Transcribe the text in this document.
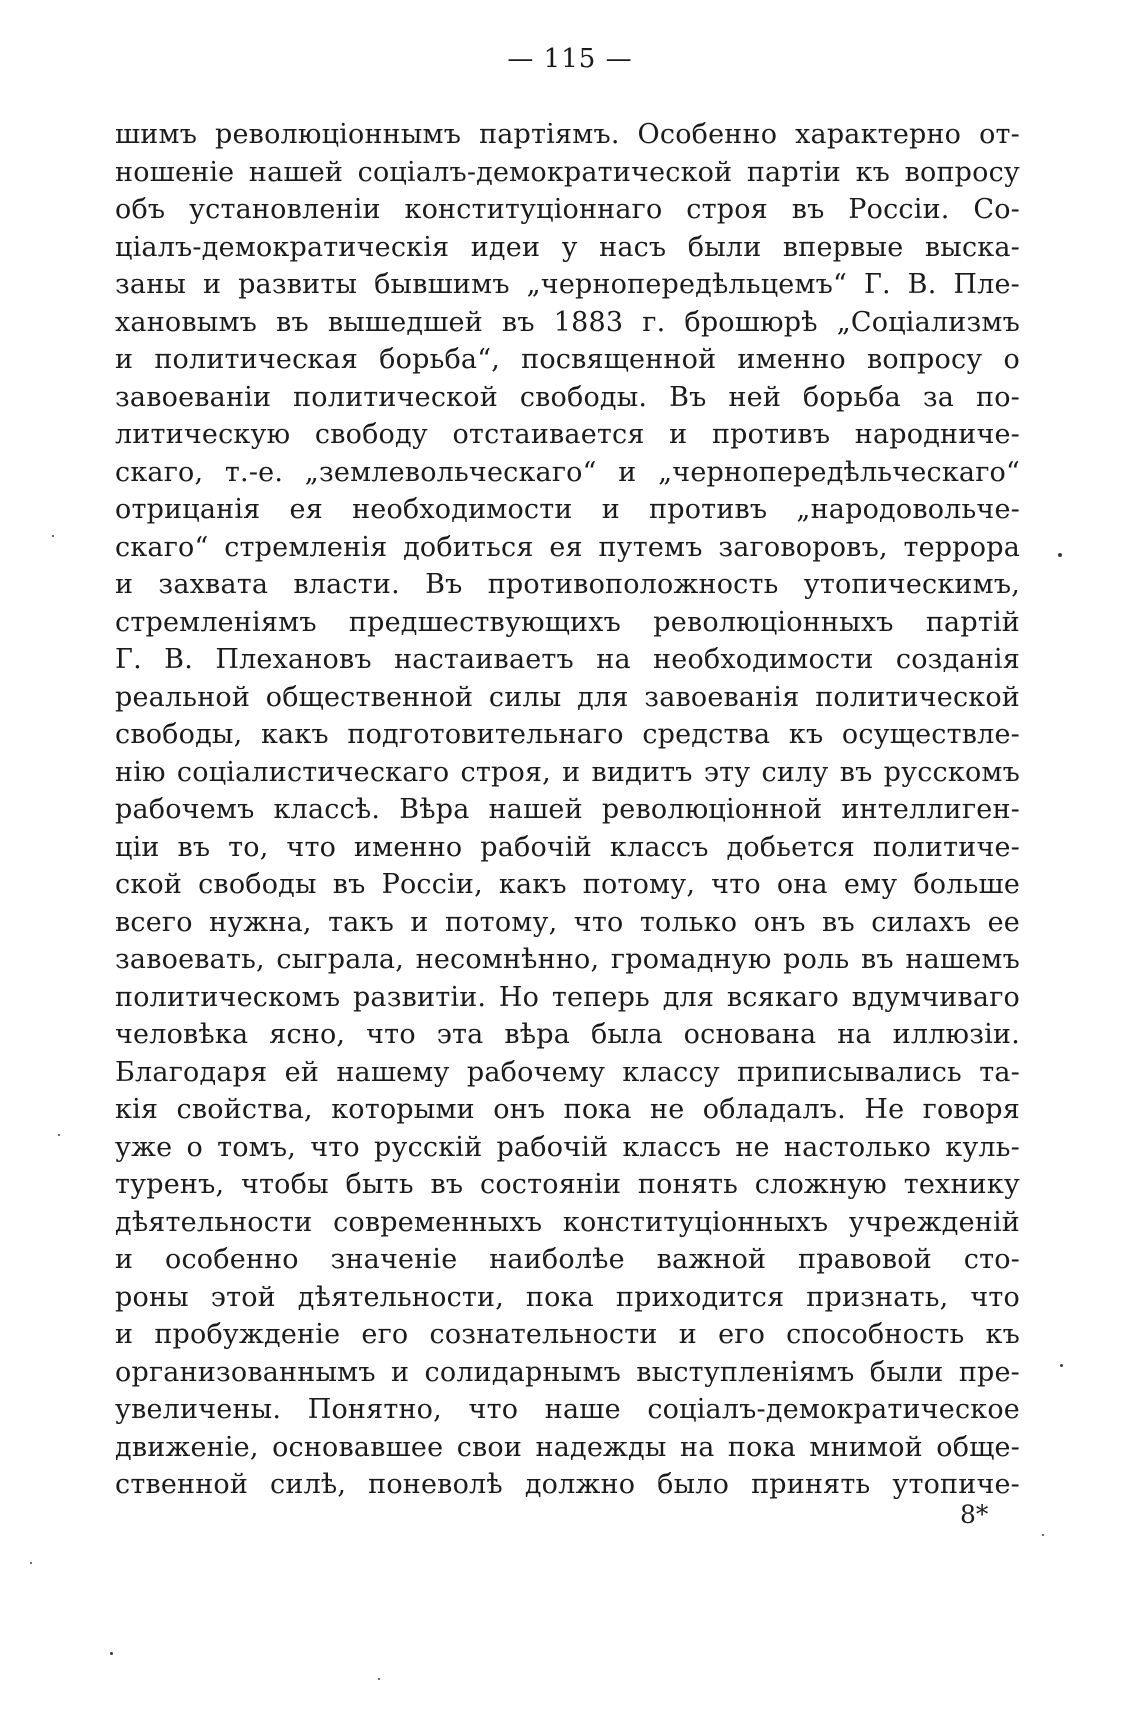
— 115 —
шимъ революціоннымъ партіямъ. Особенно характерно от-
ношеніе нашей соціалъ-демократической партіи къ вопросу
объ установленіи конституціоннаго строя въ Россіи. Со-
ціалъ-демократическія идеи у насъ были впервые выска-
заны и развиты бывшимъ „чернопередѣльцемъ“ Г. В. Пле-
хановымъ въ вышедшей въ 1883 г. брошюрѣ „Соціализмъ
и политическая борьба“, посвященной именно вопросу о
завоеваніи политической свободы. Въ ней борьба за по-
литическую свободу отстаивается и противъ народниче-
скаго, т.-е. „землевольческаго“ и „чернопередѣльческаго“
отрицанія ея необходимости и противъ „народовольче-
скаго“ стремленія добиться ея путемъ заговоровъ, террора
и захвата власти. Въ противоположность утопическимъ,
стремленіямъ предшествующихъ революціонныхъ партій
Г. В. Плехановъ настаиваетъ на необходимости созданія
реальной общественной силы для завоеванія политической
свободы, какъ подготовительнаго средства къ осуществле-
нію соціалистическаго строя, и видитъ эту силу въ русскомъ
рабочемъ классѣ. Вѣра нашей революціонной интеллиген-
ціи въ то, что именно рабочій классъ добьется политиче-
ской свободы въ Россіи, какъ потому, что она ему больше
всего нужна, такъ и потому, что только онъ въ силахъ ее
завоевать, сыграла, несомнѣнно, громадную роль въ нашемъ
политическомъ развитіи. Но теперь для всякаго вдумчиваго
человѣка ясно, что эта вѣра была основана на иллюзіи.
Благодаря ей нашему рабочему классу приписывались та-
кія свойства, которыми онъ пока не обладалъ. Не говоря
уже о томъ, что русскій рабочій классъ не настолько куль-
туренъ, чтобы быть въ состояніи понять сложную технику
дѣятельности современныхъ конституціонныхъ учрежденій
и особенно значеніе наиболѣе важной правовой сто-
роны этой дѣятельности, пока приходится признать, что
и пробужденіе его сознательности и его способность къ
организованнымъ и солидарнымъ выступленіямъ были пре-
увеличены. Понятно, что наше соціалъ-демократическое
движеніе, основавшее свои надежды на пока мнимой обще-
ственной силѣ, поневолѣ должно было принять утопиче-
8*
